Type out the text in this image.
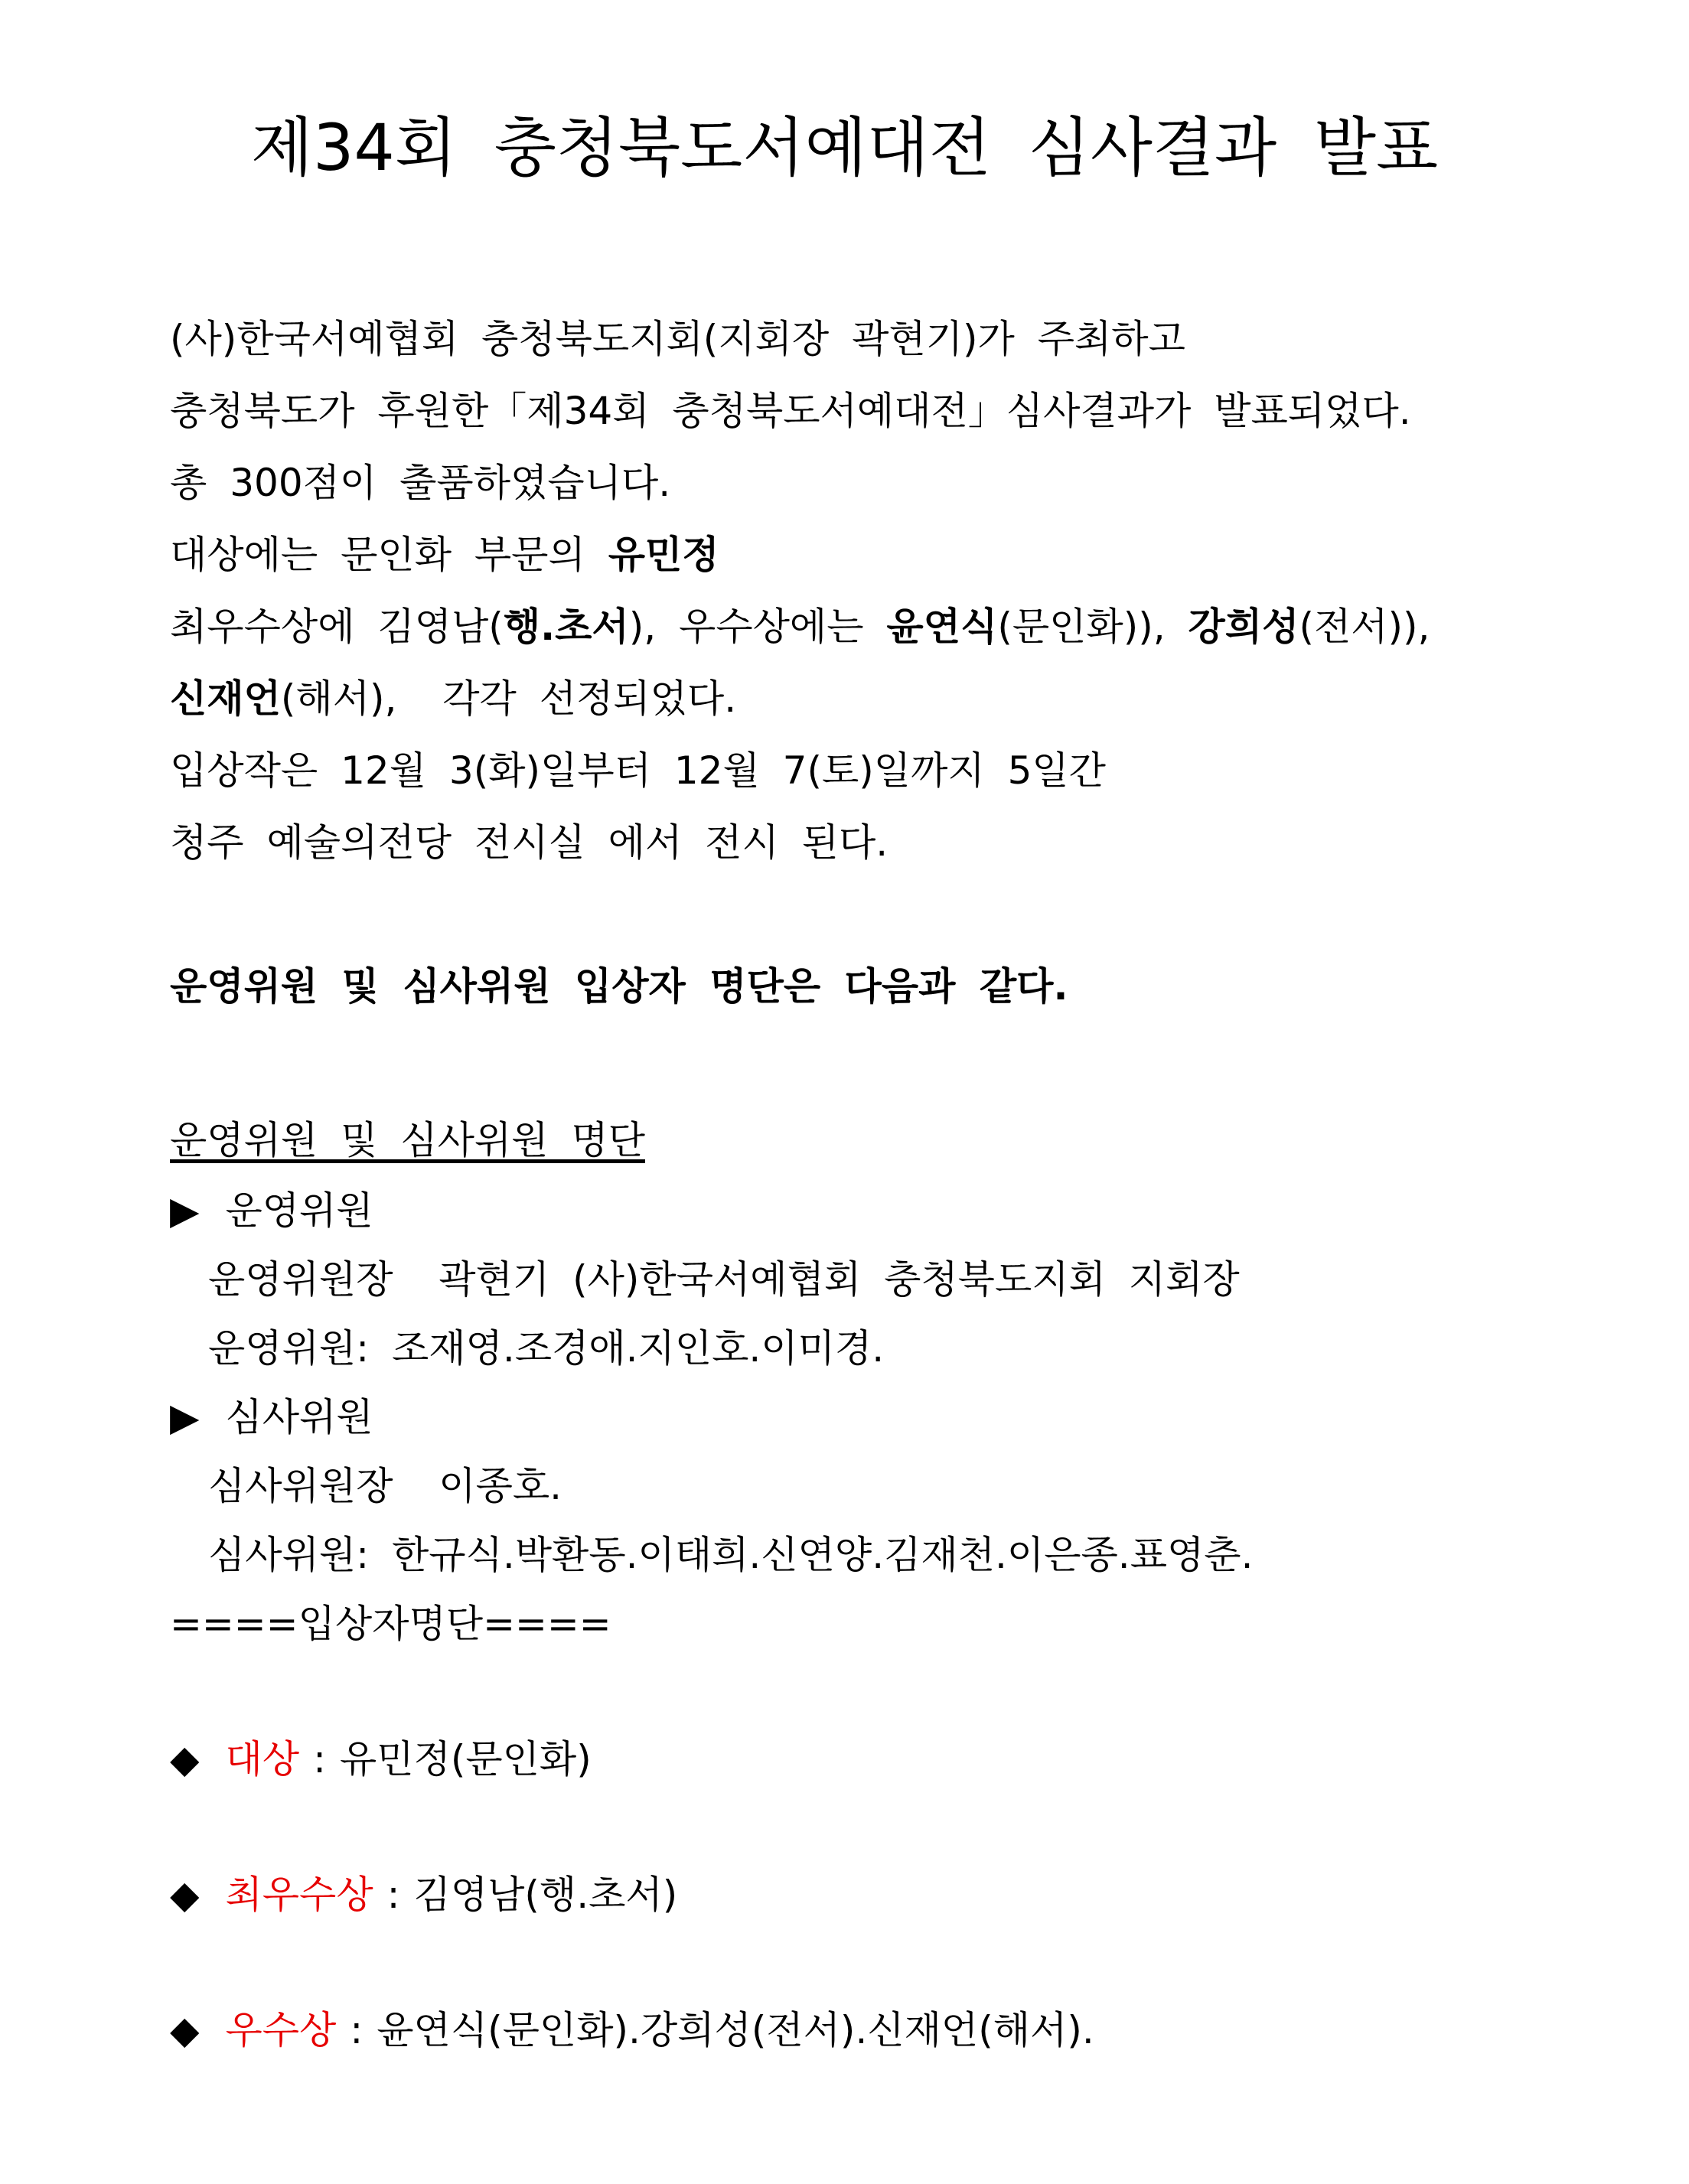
제34회 충청북도서예대전 심사결과 발표
(사)한국서예협회 충청북도지회(지회장 곽현기)가 주최하고
충청북도가 후원한「제34회 충청북도서예대전」심사결과가 발표되었다.
총 300점이 출품하였습니다.
대상에는 문인화 부문의 유민정
최우수상에 김영남(행.초서), 우수상에는 윤연식(문인화)), 강희성(전서)),
신재언(해서),  각각 선정되었다.
입상작은 12월 3(화)일부터 12월 7(토)일까지 5일간
청주 예술의전당 전시실 에서 전시 된다.
운영위원 및 심사위원 입상자 명단은 다음과 같다.
운영위원 및 심사위원 명단
▶ 운영위원
운영위원장  곽현기 (사)한국서예협회 충청북도지회 지회장
운영위원: 조재영.조경애.지인호.이미경.
▶ 심사위원
심사위원장  이종호.
심사위원: 한규식.박환동.이태희.신연양.김재천.이은종.표영춘.
====입상자명단====
◆ 대상 : 유민정(문인화)
◆ 최우수상 : 김영남(행.초서)
◆ 우수상 : 윤연식(문인화).강희성(전서).신재언(해서).
